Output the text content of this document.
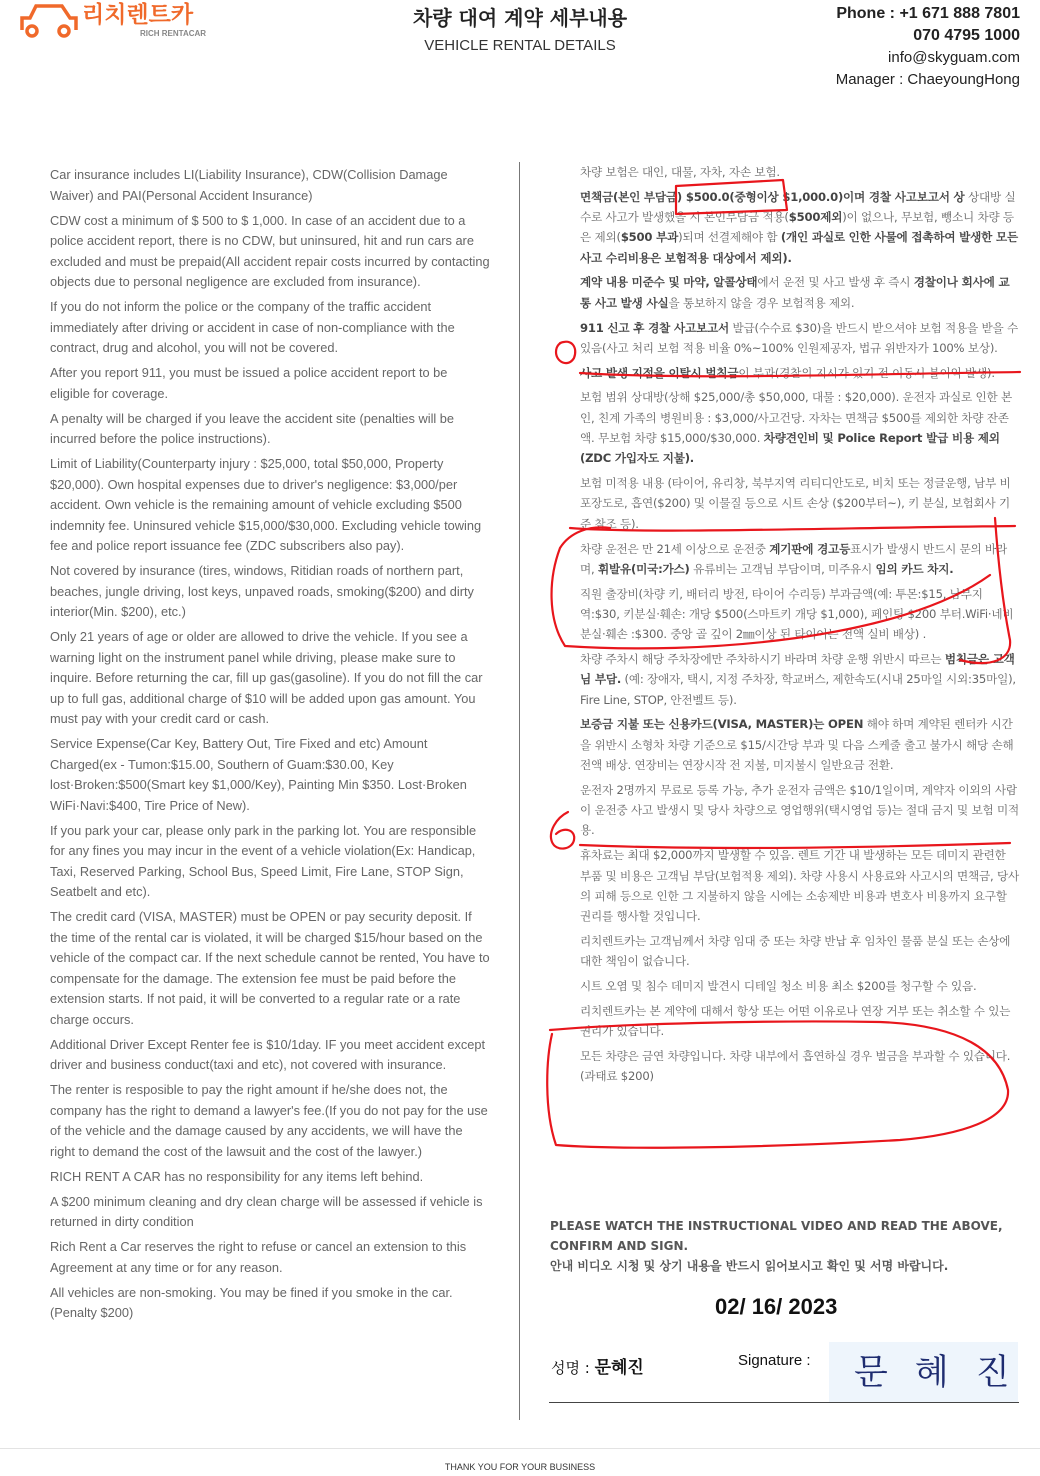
리치렌트카
RICH RENTACAR
차량 대여 계약 세부내용
VEHICLE RENTAL DETAILS
Phone : +1 671 888 7801
070 4795 1000
info@skyguam.com
Manager : ChaeyoungHong

Car insurance includes LI(Liability Insurance), CDW(Collision Damage Waiver) and PAI(Personal Accident Insurance)

CDW cost a minimum of $ 500 to $ 1,000. In case of an accident due to a police accident report, there is no CDW, but uninsured, hit and run cars are excluded and must be prepaid(All accident repair costs incurred by contacting objects due to personal negligence are excluded from insurance).

If you do not inform the police or the company of the traffic accident immediately after driving or accident in case of non-compliance with the contract, drug and alcohol, you will not be covered.

After you report 911, you must be issued a police accident report to be eligible for coverage.

A penalty will be charged if you leave the accident site (penalties will be incurred before the police instructions).

Limit of Liability(Counterparty injury : $25,000, total $50,000, Property $20,000). Own hospital expenses due to driver's negligence: $3,000/per accident. Own vehicle is the remaining amount of vehicle excluding $500 indemnity fee. Uninsured vehicle $15,000/$30,000. Excluding vehicle towing fee and police report issuance fee (ZDC subscribers also pay).

Not covered by insurance (tires, windows, Ritidian roads of northern part, beaches, jungle driving, lost keys, unpaved roads, smoking($200) and dirty interior(Min. $200), etc.)

Only 21 years of age or older are allowed to drive the vehicle. If you see a warning light on the instrument panel while driving, please make sure to inquire. Before returning the car, fill up gas(gasoline). If you do not fill the car up to full gas, additional charge of $10 will be added upon gas amount. You must pay with your credit card or cash.

Service Expense(Car Key, Battery Out, Tire Fixed and etc) Amount Charged(ex - Tumon:$15.00, Southern of Guam:$30.00, Key lost·Broken:$500(Smart key $1,000/Key), Painting Min $350. Lost·Broken WiFi·Navi:$400, Tire Price of New).

If you park your car, please only park in the parking lot. You are responsible for any fines you may incur in the event of a vehicle violation(Ex: Handicap, Taxi, Reserved Parking, School Bus, Speed Limit, Fire Lane, STOP Sign, Seatbelt and etc).

The credit card (VISA, MASTER) must be OPEN or pay security deposit. If the time of the rental car is violated, it will be charged $15/hour based on the vehicle of the compact car. If the next schedule cannot be rented, You have to compensate for the damage. The extension fee must be paid before the extension starts. If not paid, it will be converted to a regular rate or a rate charge occurs.

Additional Driver Except Renter fee is $10/1day. IF you meet accident except driver and business conduct(taxi and etc), not covered with insurance.

The renter is resposible to pay the right amount if he/she does not, the company has the right to demand a lawyer's fee.(If you do not pay for the use of the vehicle and the damage caused by any accidents, we will have the right to demand the cost of the lawsuit and the cost of the lawyer.)

RICH RENT A CAR has no responsibility for any items left behind.

A $200 minimum cleaning and dry clean charge will be assessed if vehicle is returned in dirty condition

Rich Rent a Car reserves the right to refuse or cancel an extension to this Agreement at any time or for any reason.

All vehicles are non-smoking. You may be fined if you smoke in the car. (Penalty $200)

차량 보험은 대인, 대물, 자차, 자손 보험.

면책금(본인 부담금) $500.0(중형이상 $1,000.0)이며 경찰 사고보고서 상 상대방 실수로 사고가 발생했을 시 본인부담금 적용($500제외)이 없으나, 무보험, 뺑소니 차량 등은 제외($500 부과)되며 선결제해야 함 (개인 과실로 인한 사물에 접촉하여 발생한 모든 사고 수리비용은 보험적용 대상에서 제외).

계약 내용 미준수 및 마약, 알콜상태에서 운전 및 사고 발생 후 즉시 경찰이나 회사에 교통 사고 발생 사실을 통보하지 않을 경우 보험적용 제외.

911 신고 후 경찰 사고보고서 발급(수수료 $30)을 반드시 받으셔야 보험 적용을 받을 수 있음(사고 처리 보험 적용 비율 0%~100% 인원제공자, 법규 위반자가 100% 보상).

사고 발생 지점을 이탈시 벌칙금이 부과(경찰의 지시가 있기 전 이동시 불이익 발생).

보험 범위 상대방(상해 $25,000/총 $50,000, 대물 : $20,000). 운전자 과실로 인한 본인, 친계 가족의 병원비용 : $3,000/사고건당. 자차는 면책금 $500를 제외한 차량 잔존액. 무보험 차량 $15,000/$30,000. 차량견인비 및 Police Report 발급 비용 제외 (ZDC 가입자도 지불).

보험 미적용 내용 (타이어, 유리창, 북부지역 리티디안도로, 비치 또는 정글운행, 남부 비포장도로, 흡연($200) 및 이물질 등으로 시트 손상 ($200부터~), 키 분실, 보험회사 기준 참조 등).

차량 운전은 만 21세 이상으로 운전중 계기판에 경고등표시가 발생시 반드시 문의 바라며, 휘발유(미국:가스) 유류비는 고객님 부담이며, 미주유시 임의 카드 차지.

직원 출장비(차량 키, 배터리 방전, 타이어 수리등) 부과금액(예: 투몬:$15, 남부지역:$30, 키분실·훼손: 개당 $500(스마트키 개당 $1,000), 페인팅 $200 부터.WiFi·네비 분실·훼손 :$300. 중앙 골 깊이 2㎜이상 된 타이어는 전액 실비 배상) .

차량 주차시 해당 주차장에만 주차하시기 바라며 차량 운행 위반시 따르는 범칙금은 고객님 부담. (예: 장애자, 택시, 지정 주차장, 학교버스, 제한속도(시내 25마일 시외:35마일), Fire Line, STOP, 안전벨트 등).

보증금 지불 또는 신용카드(VISA, MASTER)는 OPEN 해야 하며 계약된 렌터카 시간을 위반시 소형차 차량 기준으로 $15/시간당 부과 및 다음 스케줄 출고 불가시 해당 손해 전액 배상. 연장비는 연장시작 전 지불, 미지불시 일반요금 전환.

운전자 2명까지 무료로 등록 가능, 추가 운전자 금액은 $10/1일이며, 계약자 이외의 사람이 운전중 사고 발생시 및 당사 차량으로 영업행위(택시영업 등)는 절대 금지 및 보험 미적용.

휴차료는 최대 $2,000까지 발생할 수 있음. 렌트 기간 내 발생하는 모든 데미지 관련한 부품 및 비용은 고객님 부담(보험적용 제외). 차량 사용시 사용료와 사고시의 면책금, 당사의 피해 등으로 인한 그 지불하지 않을 시에는 소송제반 비용과 변호사 비용까지 요구할 권리를 행사할 것입니다.

리치렌트카는 고객님께서 차량 임대 중 또는 차량 반납 후 임차인 물품 분실 또는 손상에 대한 책임이 없습니다.

시트 오염 및 침수 데미지 발견시 디테일 청소 비용 최소 $200를 청구할 수 있음.

리치렌트카는 본 계약에 대해서 항상 또는 어떤 이유로나 연장 거부 또는 취소할 수 있는 권리가 있습니다.

모든 차량은 금연 차량입니다. 차량 내부에서 흡연하실 경우 벌금을 부과할 수 있습니다. (과태료 $200)

PLEASE WATCH THE INSTRUCTIONAL VIDEO AND READ THE ABOVE, CONFIRM AND SIGN.
안내 비디오 시청 및 상기 내용을 반드시 읽어보시고 확인 및 서명 바랍니다.
02/ 16/ 2023
성명 : 문혜진	Signature : 문 혜 진
THANK YOU FOR YOUR BUSINESS
